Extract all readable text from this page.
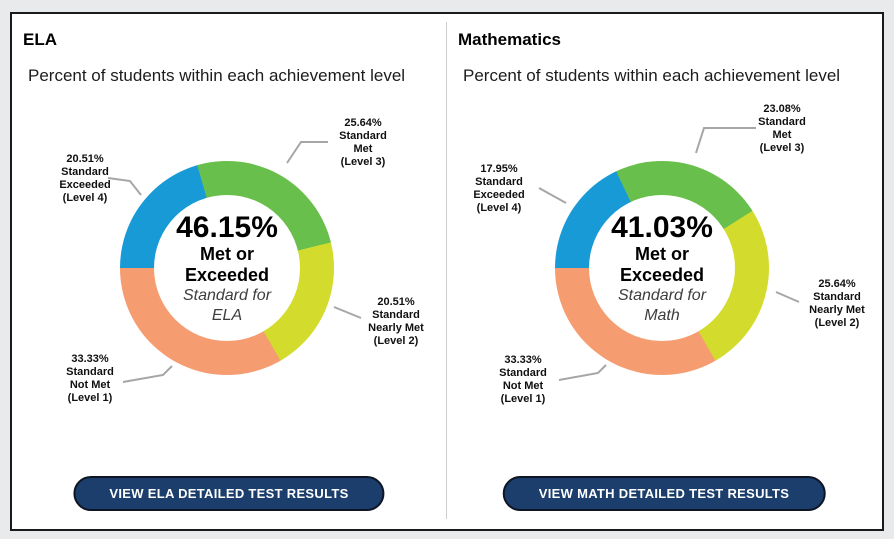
ELA
Percent of students within each achievement level
46.15%
Met or
Exceeded
Standard for
ELA
25.64%
Standard
Met
(Level 3)
20.51%
Standard
Exceeded
(Level 4)
20.51%
Standard
Nearly Met
(Level 2)
33.33%
Standard
Not Met
(Level 1)
VIEW ELA DETAILED TEST RESULTS
Mathematics
Percent of students within each achievement level
41.03%
Met or
Exceeded
Standard for
Math
23.08%
Standard
Met
(Level 3)
17.95%
Standard
Exceeded
(Level 4)
25.64%
Standard
Nearly Met
(Level 2)
33.33%
Standard
Not Met
(Level 1)
VIEW MATH DETAILED TEST RESULTS
